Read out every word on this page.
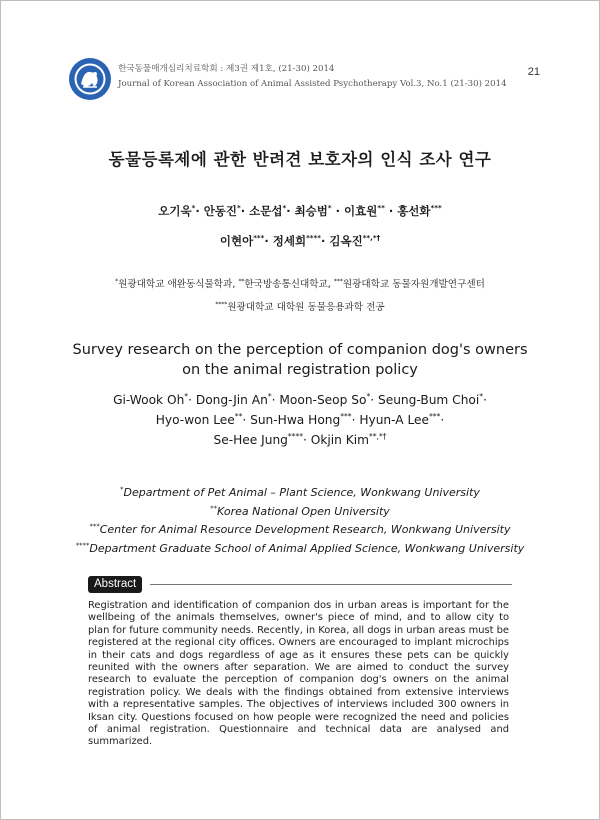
한국동물매개심리치료학회 : 제3권 제1호, (21-30) 2014
Journal of Korean Association of Animal Assisted Psychotherapy Vol.3, No.1 (21-30) 2014
21
동물등록제에 관한 반려견 보호자의 인식 조사 연구
오기욱*· 안동진*· 소문섭*· 최승범* · 이효원** · 홍선화***
이현아***· 정세희****· 김옥진**,*†
*원광대학교 애완동식물학과, **한국방송통신대학교, ***원광대학교 동물자원개발연구센터
****원광대학교 대학원 동물응용과학 전공
Survey research on the perception of companion dog's owners
on the animal registration policy
Gi-Wook Oh*· Dong-Jin An*· Moon-Seop So*· Seung-Bum Choi*·
Hyo-won Lee**· Sun-Hwa Hong***· Hyun-A Lee***·
Se-Hee Jung****· Okjin Kim**,*†
*Department of Pet Animal – Plant Science, Wonkwang University
**Korea National Open University
***Center for Animal Resource Development Research, Wonkwang University
****Department Graduate School of Animal Applied Science, Wonkwang University
Abstract
Registration and identification of companion dos in urban areas is important for the wellbeing of the animals themselves, owner's piece of mind, and to allow city to plan for future community needs. Recently, in Korea, all dogs in urban areas must be registered at the regional city offices. Owners are encouraged to implant microchips in their cats and dogs regardless of age as it ensures these pets can be quickly reunited with the owners after separation. We are aimed to conduct the survey research to evaluate the perception of companion dog's owners on the animal registration policy. We deals with the findings obtained from extensive interviews with a representative samples. The objectives of interviews included 300 owners in Iksan city. Questions focused on how people were recognized the need and policies of animal registration. Questionnaire and technical data are analysed and summarized.
